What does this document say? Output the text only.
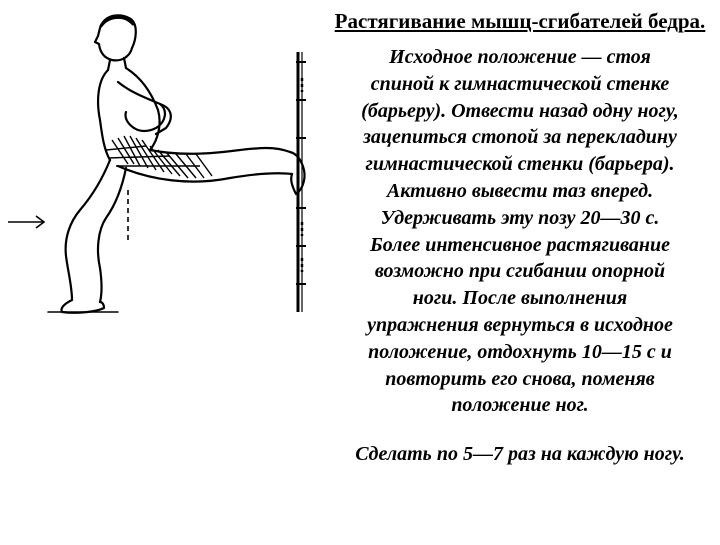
Растягивание мышц-сгибателей бедра.
Исходное положение — стоя
спиной к гимнастической стенке
(барьеру). Отвести назад одну ногу,
зацепиться стопой за перекладину
гимнастической стенки (барьера).
Активно вывести таз вперед.
Удерживать эту позу 20—30 с.
Более интенсивное растягивание
возможно при сгибании опорной
ноги. После выполнения
упражнения вернуться в исходное
положение, отдохнуть 10—15 с и
повторить его снова, поменяв
положение ног.
Сделать по 5—7 раз на каждую ногу.
